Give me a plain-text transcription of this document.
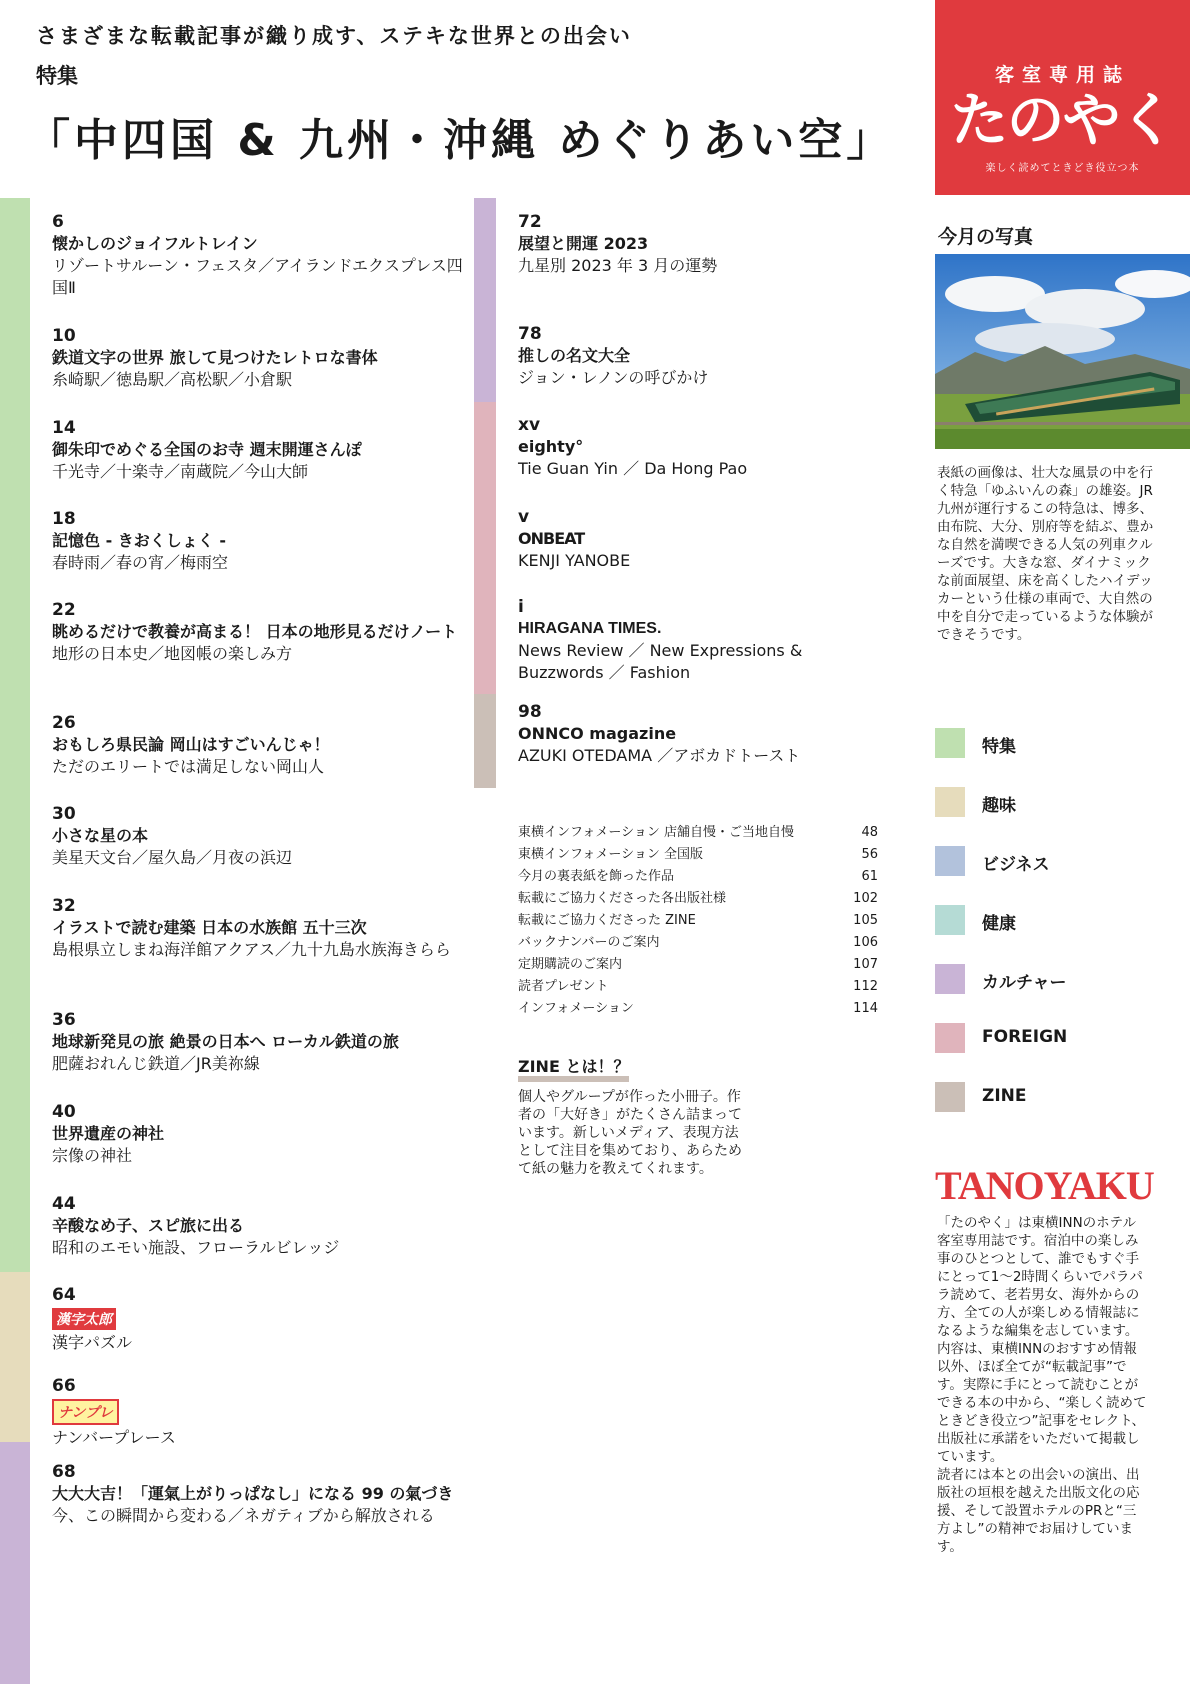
さまざまな転載記事が織り成す、ステキな世界との出会い
特集
「中四国 & 九州・沖縄 めぐりあい空」
客室専用誌
たのやく
楽しく読めてときどき役立つ本
6
懐かしのジョイフルトレイン
リゾートサルーン・フェスタ／アイランドエクスプレス四国Ⅱ
10
鉄道文字の世界 旅して見つけたレトロな書体
糸崎駅／徳島駅／高松駅／小倉駅
14
御朱印でめぐる全国のお寺 週末開運さんぽ
千光寺／十楽寺／南蔵院／今山大師
18
記憶色 - きおくしょく -
春時雨／春の宵／梅雨空
22
眺めるだけで教養が高まる！ 日本の地形見るだけノート
地形の日本史／地図帳の楽しみ方
26
おもしろ県民論 岡山はすごいんじゃ！
ただのエリートでは満足しない岡山人
30
小さな星の本
美星天文台／屋久島／月夜の浜辺
32
イラストで読む建築 日本の水族館 五十三次
島根県立しまね海洋館アクアス／九十九島水族海きらら
36
地球新発見の旅 絶景の日本へ ローカル鉄道の旅
肥薩おれんじ鉄道／JR美祢線
40
世界遺産の神社
宗像の神社
44
辛酸なめ子、スピ旅に出る
昭和のエモい施設、フローラルビレッジ
64
漢字太郎
漢字パズル
66
ナンプレ
ナンバープレース
68
大大大吉！「運氣上がりっぱなし」になる 99 の氣づき
今、この瞬間から変わる／ネガティブから解放される
72
展望と開運 2023
九星別 2023 年 3 月の運勢
78
推しの名文大全
ジョン・レノンの呼びかけ
xv
eighty°
Tie Guan Yin ／ Da Hong Pao
v
ONBEAT
KENJI YANOBE
i
HIRAGANA TIMES.
News Review ／ New Expressions & Buzzwords ／ Fashion
98
ONNCO magazine
AZUKI OTEDAMA ／アボカドトースト
東横インフォメーション 店舗自慢・ご当地自慢	48
東横インフォメーション 全国版	56
今月の裏表紙を飾った作品	61
転載にご協力くださった各出版社様	102
転載にご協力くださった ZINE	105
バックナンバーのご案内	106
定期購読のご案内	107
読者プレゼント	112
インフォメーション	114
ZINE とは！？
個人やグループが作った小冊子。作者の「大好き」がたくさん詰まっています。新しいメディア、表現方法として注目を集めており、あらためて紙の魅力を教えてくれます。
今月の写真
表紙の画像は、壮大な風景の中を行く特急「ゆふいんの森」の雄姿。JR 九州が運行するこの特急は、博多、由布院、大分、別府等を結ぶ、豊かな自然を満喫できる人気の列車クルーズです。大きな窓、ダイナミックな前面展望、床を高くしたハイデッカーという仕様の車両で、大自然の中を自分で走っているような体験ができそうです。
特集
趣味
ビジネス
健康
カルチャー
FOREIGN
ZINE
TANOYAKU

「たのやく」は東横INNのホテル客室専用誌です。宿泊中の楽しみ事のひとつとして、誰でもすぐ手にとって1～2時間くらいでパラパラ読めて、老若男女、海外からの方、全ての人が楽しめる情報誌になるような編集を志しています。

内容は、東横INNのおすすめ情報以外、ほぼ全てが“転載記事”です。実際に手にとって読むことができる本の中から、“楽しく読めてときどき役立つ”記事をセレクト、出版社に承諾をいただいて掲載しています。

読者には本との出会いの演出、出版社の垣根を越えた出版文化の応援、そして設置ホテルのPRと“三方よし”の精神でお届けしています。
